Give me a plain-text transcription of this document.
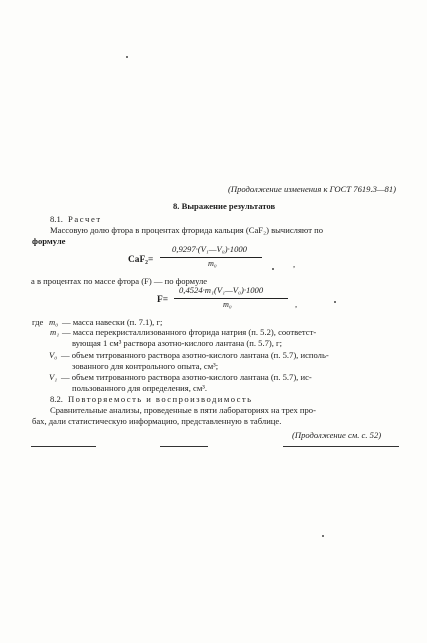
(Продолжение изменения к ГОСТ 7619.3—81)
8. Выражение результатов
8.1. Расчет
Массовую долю фтора в процентах фторида кальция (CaF₂) вычисляют по
формуле
CaF₂=
0,9297·(V₁—V₀)·1000
m₀	,
а в процентах по массе фтора (F) — по формуле
F=
0,4524·m₁(V₁—V₀)·1000
m₀	,
где m₀ — масса навески (п. 7.1), г;
m₁ — масса перекристаллизованного фторида натрия (п. 5.2), соответст-
вующая 1 см³ раствора азотно-кислого лантана (п. 5.7), г;
V₀ — объем титрованного раствора азотно-кислого лантана (п. 5.7), исполь-
зованного для контрольного опыта, см³;
V₁ — объем титрованного раствора азотно-кислого лантана (п. 5.7), ис-
пользованного для определения, см³.
8.2. Повторяемость и воспроизводимость
Сравнительные анализы, проведенные в пяти лабораториях на трех про-
бах, дали статистическую информацию, представленную в таблице.
(Продолжение см. с. 52)
